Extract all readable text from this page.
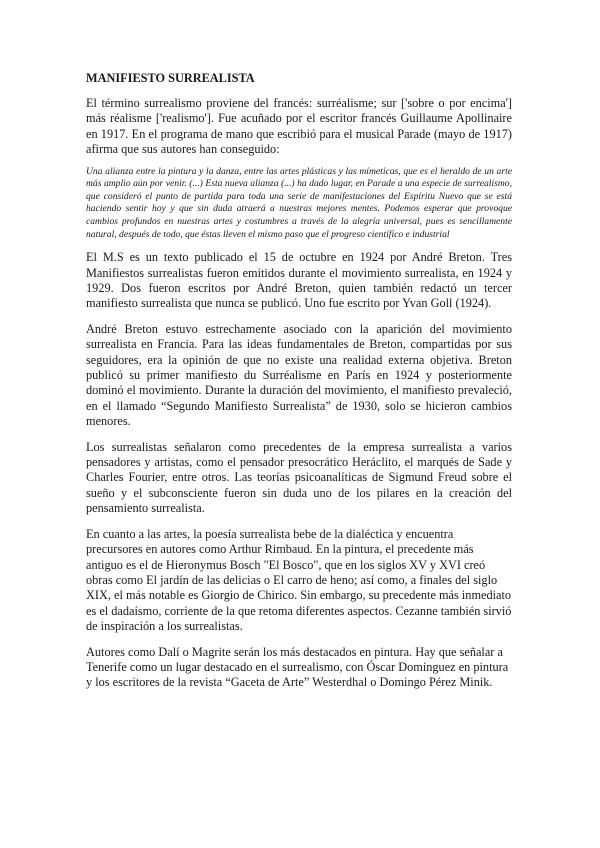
MANIFIESTO SURREALISTA

El término surrealismo proviene del francés: surréalisme; sur ['sobre o por encima'] más réalisme ['realismo']. Fue acuñado por el escritor francés Guillaume Apollinaire en 1917. En el programa de mano que escribió para el musical Parade (mayo de 1917) afirma que sus autores han conseguido:

Una alianza entre la pintura y la danza, entre las artes plásticas y las mímeticas, que es el heraldo de un arte más amplio aún por venir. (...) Esta nueva alianza (...) ha dado lugar, en Parade a una especie de surrealismo, que consideró el punto de partida para toda una serie de manifestaciones del Espíritu Nuevo que se está haciendo sentir hoy y que sin duda atraerá a nuestras mejores mentes. Podemos esperar que provoque cambios profundos en nuestras artes y costumbres a través de la alegría universal, pues es sencillamente natural, después de todo, que éstas lleven el mismo paso que el progreso científico e industrial

El M.S es un texto publicado el 15 de octubre en 1924 por André Breton. Tres Manifiestos surrealistas fueron emitidos durante el movimiento surrealista, en 1924 y 1929. Dos fueron escritos por André Breton, quien también redactó un tercer manifiesto surrealista que nunca se publicó. Uno fue escrito por Yvan Goll (1924).

André Breton estuvo estrechamente asociado con la aparición del movimiento surrealista en Francia. Para las ideas fundamentales de Breton, compartidas por sus seguidores, era la opinión de que no existe una realidad externa objetiva. Breton publicó su primer manifiesto du Surréalisme en París en 1924 y posteriormente dominó el movimiento. Durante la duración del movimiento, el manifiesto prevaleció, en el llamado “Segundo Manifiesto Surrealista” de 1930, solo se hicieron cambios menores.

Los surrealistas señalaron como precedentes de la empresa surrealista a varios pensadores y artistas, como el pensador presocrático Heráclito, el marqués de Sade y Charles Fourier, entre otros. Las teorías psicoanalíticas de Sigmund Freud sobre el sueño y el subconsciente fueron sin duda uno de los pilares en la creación del pensamiento surrealista.

En cuanto a las artes, la poesía surrealista bebe de la dialéctica y encuentra precursores en autores como Arthur Rimbaud. En la pintura, el precedente más antiguo es el de Hieronymus Bosch "El Bosco", que en los siglos XV y XVI creó obras como El jardín de las delicias o El carro de heno; así como, a finales del siglo XIX, el más notable es Giorgio de Chirico. Sin embargo, su precedente más inmediato es el dadaísmo, corriente de la que retoma diferentes aspectos. Cezanne también sirvió de inspiración a los surrealistas.

Autores como Dalí o Magrite serán los más destacados en pintura. Hay que señalar a Tenerife como un lugar destacado en el surrealismo, con Óscar Domínguez en pintura y los escritores de la revista “Gaceta de Arte” Westerdhal o Domingo Pérez Minik.
